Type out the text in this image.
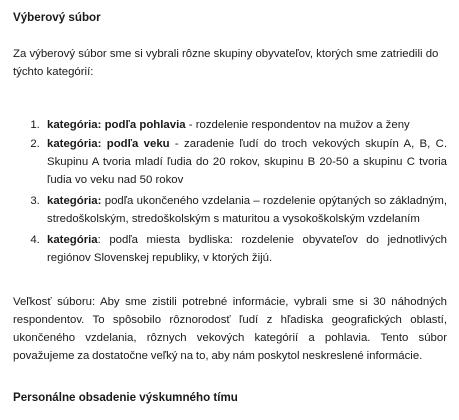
Výberový súbor

Za výberový súbor sme si vybrali rôzne skupiny obyvateľov, ktorých sme zatriedili do týchto kategórií:

1. kategória: podľa pohlavia - rozdelenie respondentov na mužov a ženy
2. kategória: podľa veku - zaradenie ľudí do troch vekových skupín A, B, C. Skupinu A tvoria mladí ľudia do 20 rokov, skupinu B 20-50 a skupinu C tvoria ľudia vo veku nad 50 rokov
3. kategória: podľa ukončeného vzdelania – rozdelenie opýtaných so základným, stredoškolským, stredoškolským s maturitou a vysokoškolským vzdelaním
4. kategória: podľa miesta bydliska: rozdelenie obyvateľov do jednotlivých regiónov Slovenskej republiky, v ktorých žijú.

Veľkosť súboru: Aby sme zistili potrebné informácie, vybrali sme si 30 náhodných respondentov. To spôsobilo rôznorodosť ľudí z hľadiska geografických oblastí, ukončeného vzdelania, rôznych vekových kategórií a pohlavia. Tento súbor považujeme za dostatočne veľký na to, aby nám poskytol neskreslené informácie.

Personálne obsadenie výskumného tímu
